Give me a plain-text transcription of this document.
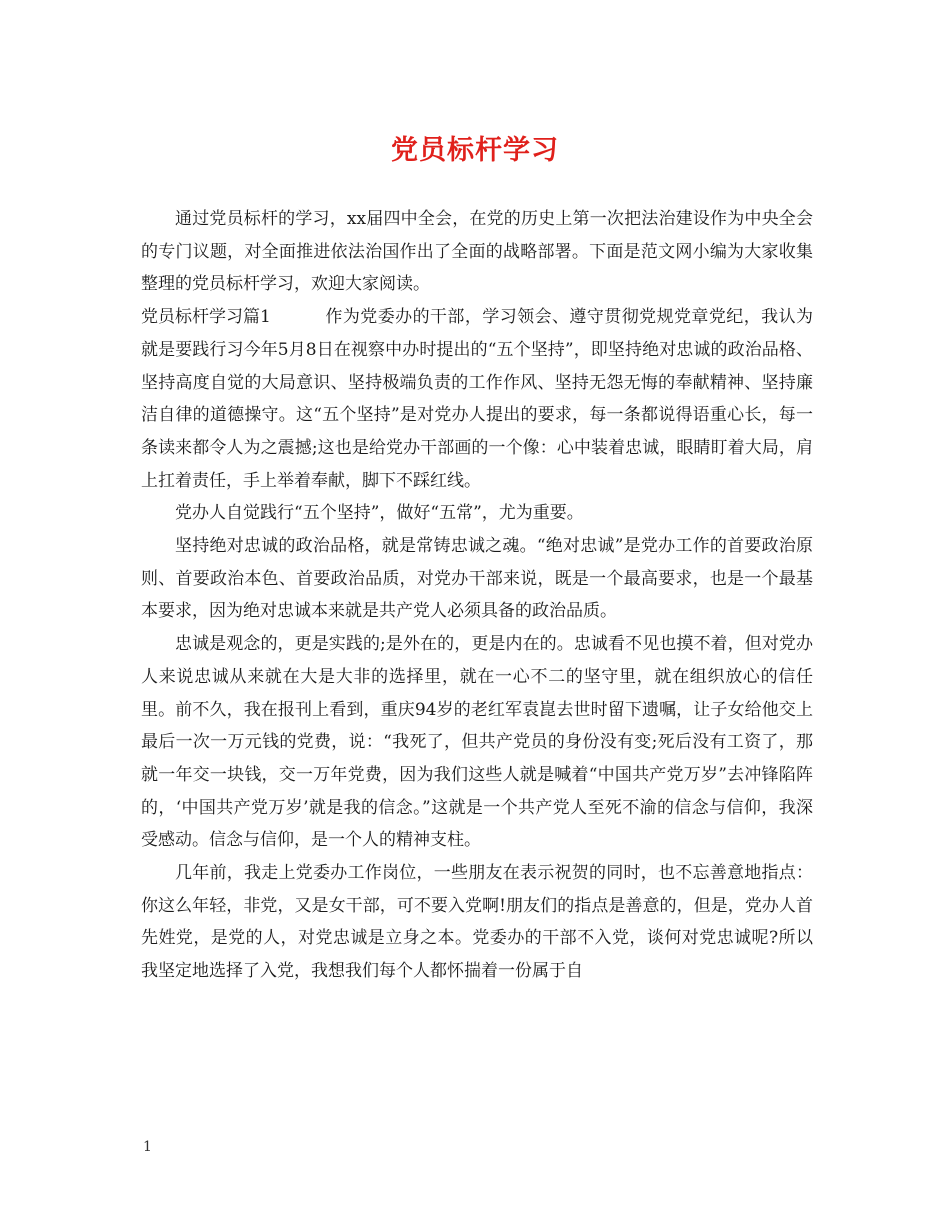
党员标杆学习

通过党员标杆的学习，xx届四中全会，在党的历史上第一次把法治建设作为中央全会的专门议题，对全面推进依法治国作出了全面的战略部署。下面是范文网小编为大家收集整理的党员标杆学习，欢迎大家阅读。

党员标杆学习篇1	作为党委办的干部，学习领会、遵守贯彻党规党章党纪，我认为就是要践行习今年5月8日在视察中办时提出的“五个坚持”，即坚持绝对忠诚的政治品格、坚持高度自觉的大局意识、坚持极端负责的工作作风、坚持无怨无悔的奉献精神、坚持廉洁自律的道德操守。这“五个坚持”是对党办人提出的要求，每一条都说得语重心长，每一条读来都令人为之震撼;这也是给党办干部画的一个像：心中装着忠诚，眼睛盯着大局，肩上扛着责任，手上举着奉献，脚下不踩红线。

党办人自觉践行“五个坚持”，做好“五常”，尤为重要。

坚持绝对忠诚的政治品格，就是常铸忠诚之魂。“绝对忠诚”是党办工作的首要政治原则、首要政治本色、首要政治品质，对党办干部来说，既是一个最高要求，也是一个最基本要求，因为绝对忠诚本来就是共产党人必须具备的政治品质。

忠诚是观念的，更是实践的;是外在的，更是内在的。忠诚看不见也摸不着，但对党办人来说忠诚从来就在大是大非的选择里，就在一心不二的坚守里，就在组织放心的信任里。前不久，我在报刊上看到，重庆94岁的老红军袁崑去世时留下遗嘱，让子女给他交上最后一次一万元钱的党费，说：“我死了，但共产党员的身份没有变;死后没有工资了，那就一年交一块钱，交一万年党费，因为我们这些人就是喊着“中国共产党万岁”去冲锋陷阵的，‘中国共产党万岁’就是我的信念。”这就是一个共产党人至死不渝的信念与信仰，我深受感动。信念与信仰，是一个人的精神支柱。

几年前，我走上党委办工作岗位，一些朋友在表示祝贺的同时，也不忘善意地指点：你这么年轻，非党，又是女干部，可不要入党啊!朋友们的指点是善意的，但是，党办人首先姓党，是党的人，对党忠诚是立身之本。党委办的干部不入党，谈何对党忠诚呢?所以我坚定地选择了入党，我想我们每个人都怀揣着一份属于自

1
